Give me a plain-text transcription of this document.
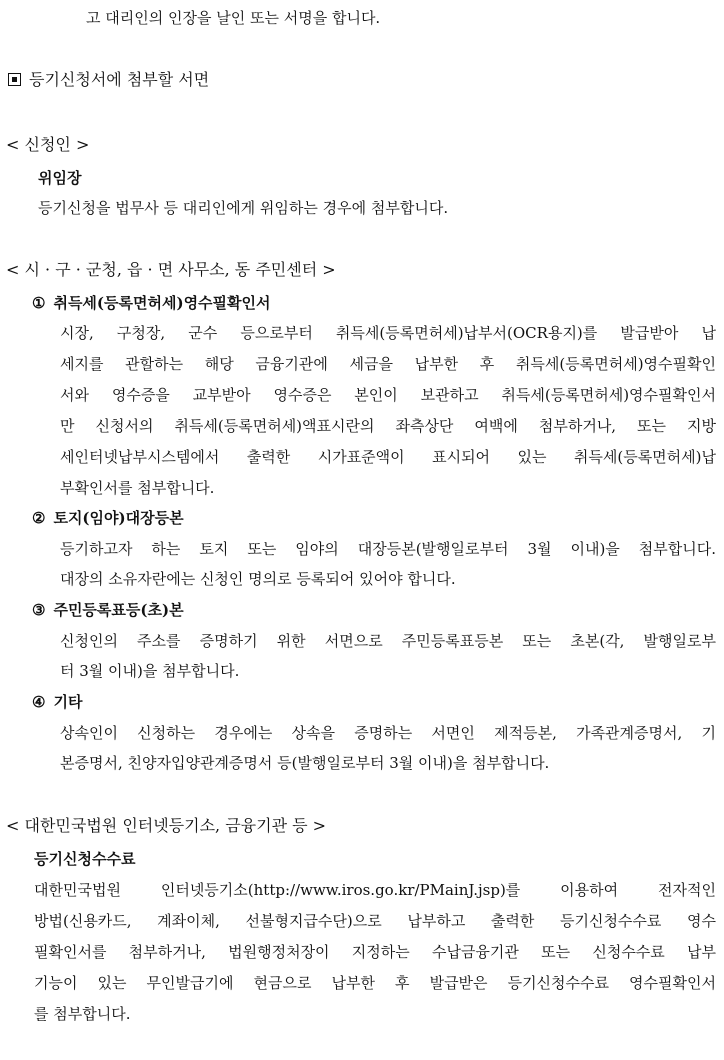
고 대리인의 인장을 날인 또는 서명을 합니다.
등기신청서에 첨부할 서면
< 신청인 >
위임장
등기신청을 법무사 등 대리인에게 위임하는 경우에 첨부합니다.
< 시 · 구 · 군청, 읍 · 면 사무소, 동 주민센터 >
① 취득세(등록면허세)영수필확인서
시장, 구청장, 군수 등으로부터 취득세(등록면허세)납부서(OCR용지)를 발급받아 납
세지를 관할하는 해당 금융기관에 세금을 납부한 후 취득세(등록면허세)영수필확인
서와 영수증을 교부받아 영수증은 본인이 보관하고 취득세(등록면허세)영수필확인서
만 신청서의 취득세(등록면허세)액표시란의 좌측상단 여백에 첨부하거나, 또는 지방
세인터넷납부시스템에서 출력한 시가표준액이 표시되어 있는 취득세(등록면허세)납
부확인서를 첨부합니다.
② 토지(임야)대장등본
등기하고자 하는 토지 또는 임야의 대장등본(발행일로부터 3월 이내)을 첨부합니다.
대장의 소유자란에는 신청인 명의로 등록되어 있어야 합니다.
③ 주민등록표등(초)본
신청인의 주소를 증명하기 위한 서면으로 주민등록표등본 또는 초본(각, 발행일로부
터 3월 이내)을 첨부합니다.
④ 기타
상속인이 신청하는 경우에는 상속을 증명하는 서면인 제적등본, 가족관계증명서, 기
본증명서, 친양자입양관계증명서 등(발행일로부터 3월 이내)을 첨부합니다.
< 대한민국법원 인터넷등기소, 금융기관 등 >
등기신청수수료
대한민국법원 인터넷등기소(http://www.iros.go.kr/PMainJ.jsp)를 이용하여 전자적인
방법(신용카드, 계좌이체, 선불형지급수단)으로 납부하고 출력한 등기신청수수료 영수
필확인서를 첨부하거나, 법원행정처장이 지정하는 수납금융기관 또는 신청수수료 납부
기능이 있는 무인발급기에 현금으로 납부한 후 발급받은 등기신청수수료 영수필확인서
를 첨부합니다.
